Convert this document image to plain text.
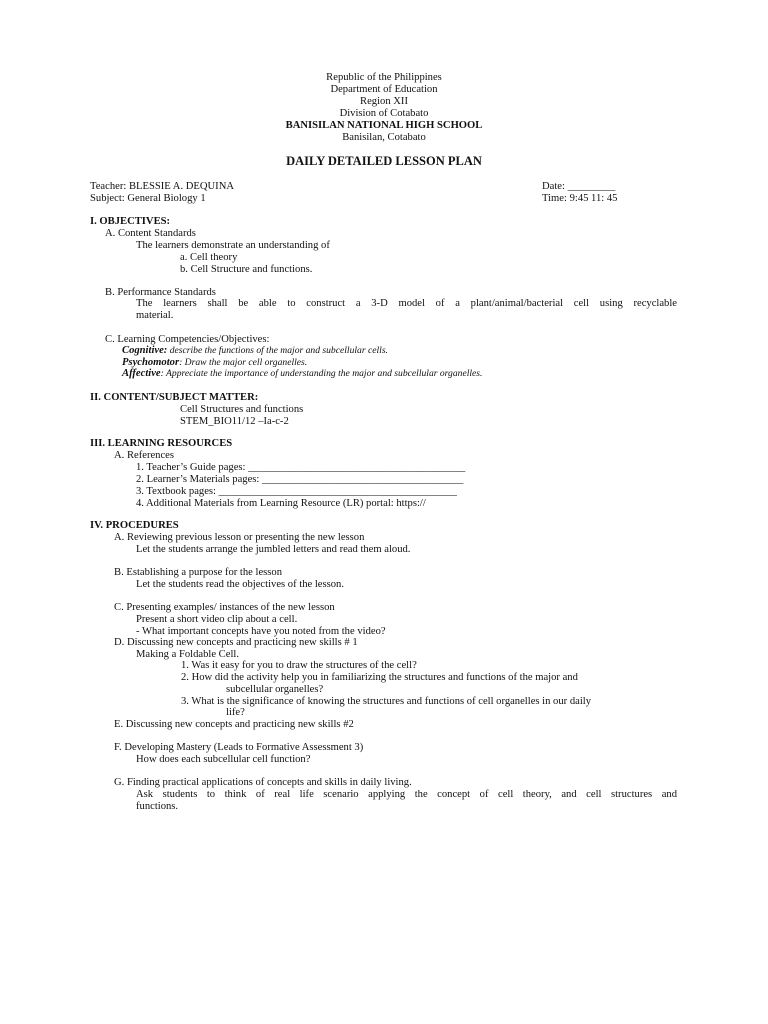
Republic of the Philippines
Department of Education
Region XII
Division of Cotabato
BANISILAN NATIONAL HIGH SCHOOL
Banisilan, Cotabato
DAILY DETAILED LESSON PLAN
Teacher: BLESSIE A. DEQUINA
Subject: General Biology 1
Date: _________
Time: 9:45 11: 45
I. OBJECTIVES:
A. Content Standards
The learners demonstrate an understanding of
a. Cell theory
b. Cell Structure and functions.
B. Performance Standards
The learners shall be able to construct a 3-D model of a plant/animal/bacterial cell using recyclable
material.
C. Learning Competencies/Objectives:
Cognitive: describe the functions of the major and subcellular cells.
Psychomotor: Draw the major cell organelles.
Affective: Appreciate the importance of understanding the major and subcellular organelles.
II. CONTENT/SUBJECT MATTER:
Cell Structures and functions
STEM_BIO11/12 –Ia-c-2
III. LEARNING RESOURCES
A. References
1. Teacher’s Guide pages: _________________________________________
2. Learner’s Materials pages: ______________________________________
3. Textbook pages: _____________________________________________
4. Additional Materials from Learning Resource (LR) portal: https://
IV. PROCEDURES
A. Reviewing previous lesson or presenting the new lesson
Let the students arrange the jumbled letters and read them aloud.
B. Establishing a purpose for the lesson
Let the students read the objectives of the lesson.
C. Presenting examples/ instances of the new lesson
Present a short video clip about a cell.
- What important concepts have you noted from the video?
D. Discussing new concepts and practicing new skills # 1
Making a Foldable Cell.
1. Was it easy for you to draw the structures of the cell?
2. How did the activity help you in familiarizing the structures and functions of the major and
subcellular organelles?
3. What is the significance of knowing the structures and functions of cell organelles in our daily
life?
E. Discussing new concepts and practicing new skills #2
F. Developing Mastery (Leads to Formative Assessment 3)
How does each subcellular cell function?
G. Finding practical applications of concepts and skills in daily living.
Ask students to think of real life scenario applying the concept of cell theory, and cell structures and
functions.
